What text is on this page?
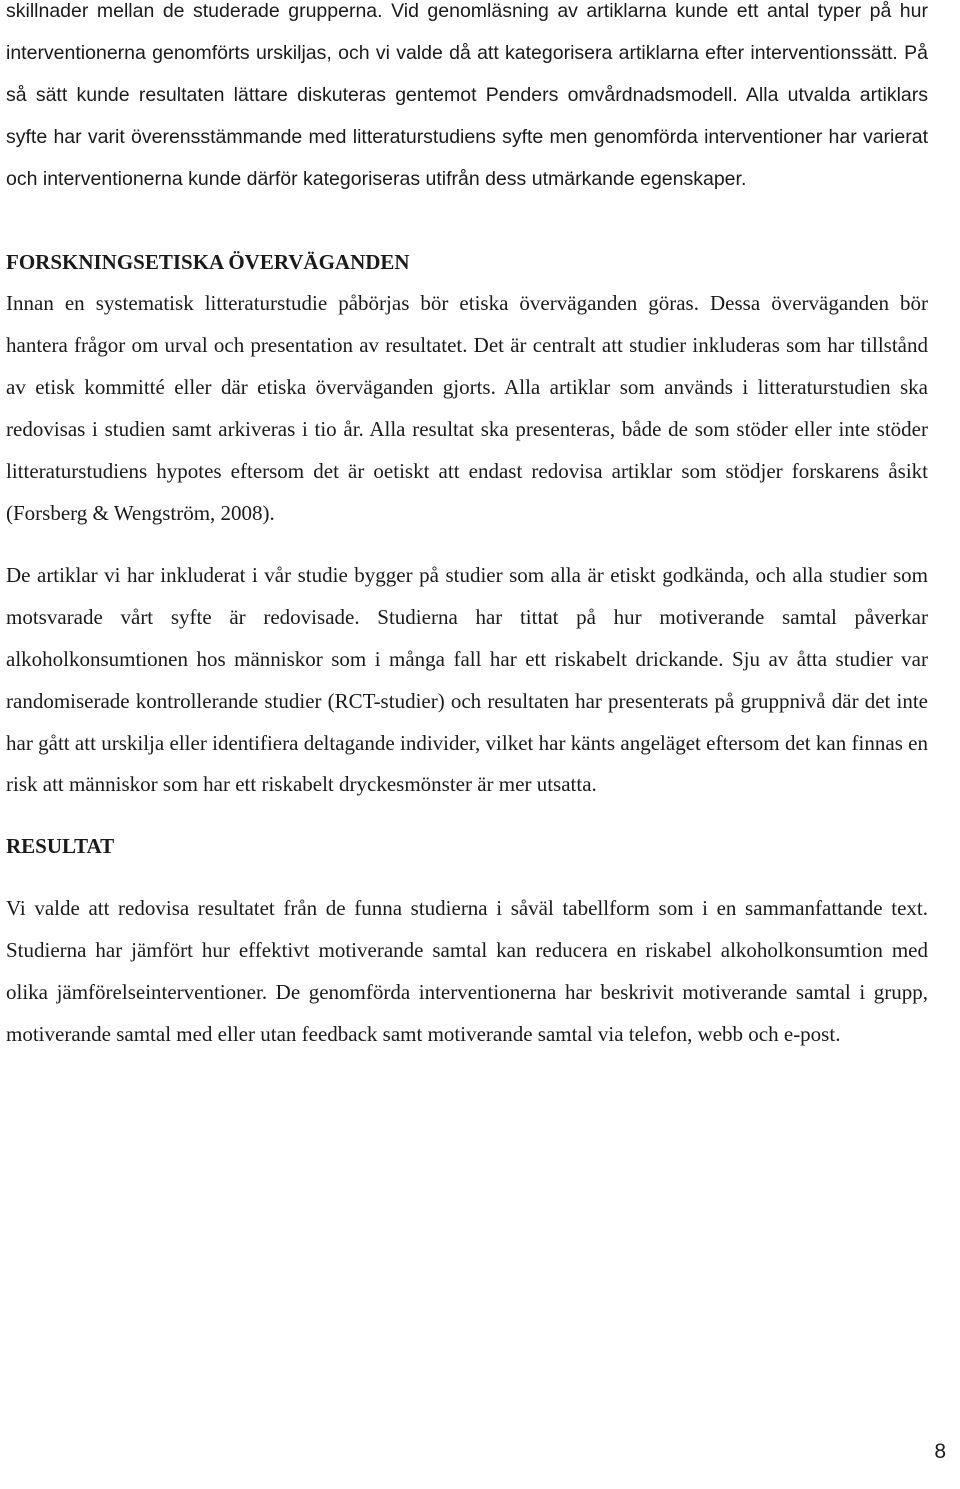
skillnader mellan de studerade grupperna. Vid genomläsning av artiklarna kunde ett antal typer på hur interventionerna genomförts urskiljas, och vi valde då att kategorisera artiklarna efter interventionssätt. På så sätt kunde resultaten lättare diskuteras gentemot Penders omvårdnadsmodell. Alla utvalda artiklars syfte har varit överensstämmande med litteraturstudiens syfte men genomförda interventioner har varierat och interventionerna kunde därför kategoriseras utifrån dess utmärkande egenskaper.

FORSKNINGSETISKA ÖVERVÄGANDEN

Innan en systematisk litteraturstudie påbörjas bör etiska överväganden göras. Dessa överväganden bör hantera frågor om urval och presentation av resultatet. Det är centralt att studier inkluderas som har tillstånd av etisk kommitté eller där etiska överväganden gjorts. Alla artiklar som används i litteraturstudien ska redovisas i studien samt arkiveras i tio år. Alla resultat ska presenteras, både de som stöder eller inte stöder litteraturstudiens hypotes eftersom det är oetiskt att endast redovisa artiklar som stödjer forskarens åsikt (Forsberg & Wengström, 2008).

De artiklar vi har inkluderat i vår studie bygger på studier som alla är etiskt godkända, och alla studier som motsvarade vårt syfte är redovisade. Studierna har tittat på hur motiverande samtal påverkar alkoholkonsumtionen hos människor som i många fall har ett riskabelt drickande. Sju av åtta studier var randomiserade kontrollerande studier (RCT-studier) och resultaten har presenterats på gruppnivå där det inte har gått att urskilja eller identifiera deltagande individer, vilket har känts angeläget eftersom det kan finnas en risk att människor som har ett riskabelt dryckesmönster är mer utsatta.

RESULTAT

Vi valde att redovisa resultatet från de funna studierna i såväl tabellform som i en sammanfattande text. Studierna har jämfört hur effektivt motiverande samtal kan reducera en riskabel alkoholkonsumtion med olika jämförelseinterventioner. De genomförda interventionerna har beskrivit motiverande samtal i grupp, motiverande samtal med eller utan feedback samt motiverande samtal via telefon, webb och e-post.

8
